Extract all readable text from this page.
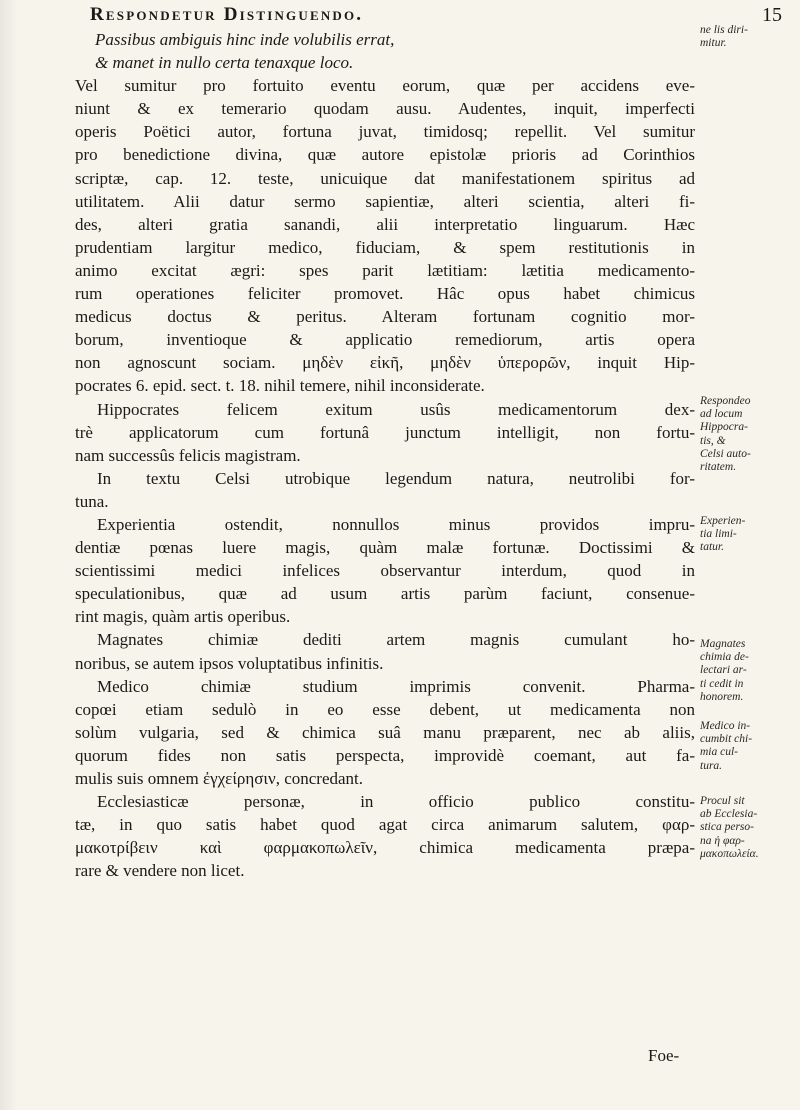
Respondetur Distinguendo.	15
Passibus ambiguis hinc inde volubilis errat,
& manet in nullo certa tenaxque loco.
Vel sumitur pro fortuito eventu eorum, quæ per accidens eve-
niunt & ex temerario quodam ausu. Audentes, inquit, imperfecti
operis Poëtici autor, fortuna juvat, timidosq; repellit. Vel sumitur
pro benedictione divina, quæ autore epistolæ prioris ad Corinthios
scriptæ, cap. 12. teste, unicuique dat manifestationem spiritus ad
utilitatem. Alii datur sermo sapientiæ, alteri scientia, alteri fi-
des, alteri gratia sanandi, alii interpretatio linguarum. Hæc
prudentiam largitur medico, fiduciam, & spem restitutionis in
animo excitat ægri: spes parit lætitiam: lætitia medicamento-
rum operationes feliciter promovet. Hâc opus habet chimicus
medicus doctus & peritus. Alteram fortunam cognitio mor-
borum, inventioque & applicatio remediorum, artis opera
non agnoscunt sociam. μηδὲν εἰκῆ, μηδὲν ὑπερορῶν, inquit Hip-
pocrates 6. epid. sect. t. 18. nihil temere, nihil inconsiderate.
Hippocrates felicem exitum usûs medicamentorum dex-
trè applicatorum cum fortunâ junctum intelligit, non fortu-
nam successûs felicis magistram.
In textu Celsi utrobique legendum natura, neutrolibi for-
tuna.
Experientia ostendit, nonnullos minus providos impru-
dentiæ pœnas luere magis, quàm malæ fortunæ. Doctissimi &
scientissimi medici infelices observantur interdum, quod in
speculationibus, quæ ad usum artis parùm faciunt, consenue-
rint magis, quàm artis operibus.
Magnates chimiæ dediti artem magnis cumulant ho-
noribus, se autem ipsos voluptatibus infinitis.
Medico chimiæ studium imprimis convenit. Pharma-
copœi etiam sedulò in eo esse debent, ut medicamenta non
solùm vulgaria, sed & chimica suâ manu præparent, nec ab aliis,
quorum fides non satis perspecta, improvidè coemant, aut fa-
mulis suis omnem ἐγχείρησιν, concredant.
Ecclesiasticæ personæ, in officio publico constitu-
tæ, in quo satis habet quod agat circa animarum salutem, φαρ-
μακοτρίβειν καὶ φαρμακοπωλεῖν, chimica medicamenta præpa-
rare & vendere non licet.
ne lis diri-
mitur.
Respondeo
ad locum
Hippocra-
tis, &
Celsi auto-
ritatem.
Experien-
tia limi-
tatur.
Magnates
chimia de-
lectari ar-
ti cedit in
honorem.
Medico in-
cumbit chi-
mia cul-
tura.
Procul sit
ab Ecclesia-
stica perso-
na ἡ φαρ-
μακοπωλεία.
Foe-
